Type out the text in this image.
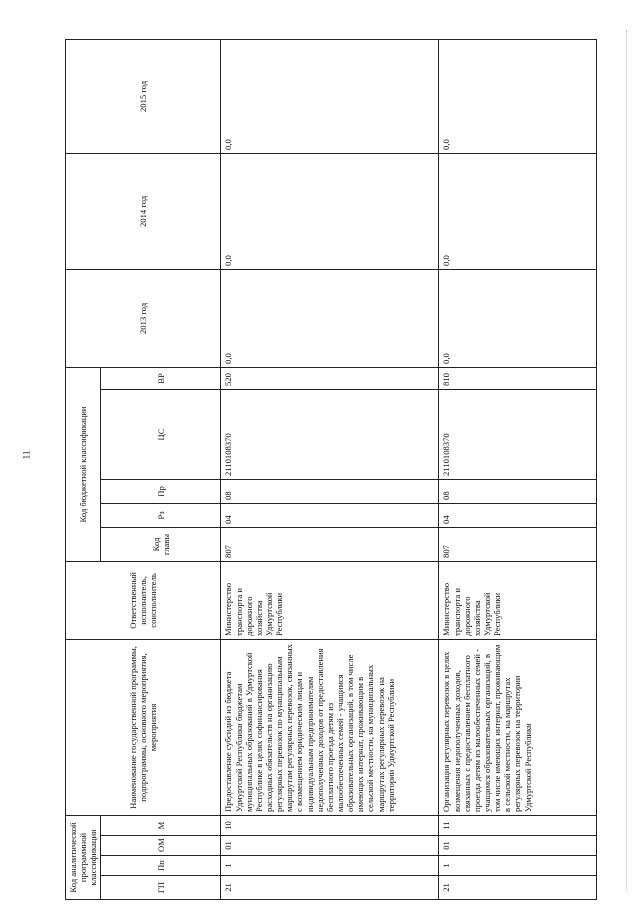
11
Код аналитической программной классификации				Наименование государственной программы, подпрограммы, основного мероприятия, мероприятия	Ответственный исполнитель, соисполнитель	Код бюджетной классификации					2013 год	2014 год	2015 год
ГП	Пп	ОМ	М			Код главы	Рз	Пр	ЦС	ВР			
21	1	01	10	Предоставление субсидий из бюджета Удмуртской Республики бюджетам муниципальных образований в Удмуртской Республике в целях софинансирования расходных обязательств на организацию регулярных перевозок по муниципальным маршрутам регулярных перевозок, связанных с возмещением юридическим лицам и индивидуальным предпринимателям недополученных доходов от предоставления бесплатного проезда детям из малообеспеченных семей - учащимся образовательных организаций, в том числе имеющих интернат, проживающим в сельской местности, на муниципальных маршрутах регулярных перевозок на территории Удмуртской Республики	Министерство транспорта и дорожного хозяйства Удмуртской Республики	807	04	08	2110108370	520	0,0	0,0	0,0
21	1	01	11	Организация регулярных перевозок в целях возмещения недополученных доходов, связанных с предоставлением бесплатного проезда детям из малообеспеченных семей - учащимся образовательных организаций, в том числе имеющих интернат, проживающим в сельской местности, на маршрутах регулярных перевозок на территории Удмуртской Республики	Министерство транспорта и дорожного хозяйства Удмуртской Республики	807	04	08	2110108370	810	0,0	0,0	0,0
